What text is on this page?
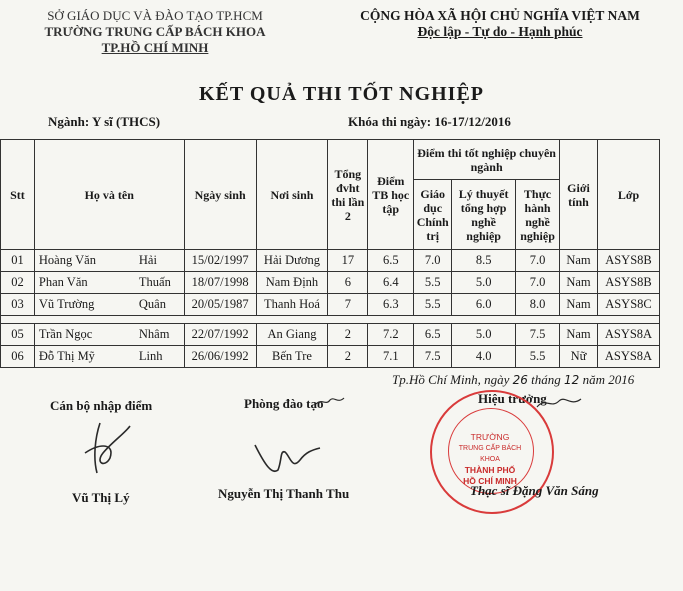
SỞ GIÁO DỤC VÀ ĐÀO TẠO TP.HCM
TRƯỜNG TRUNG CẤP BÁCH KHOA
TP.HỒ CHÍ MINH
CỘNG HÒA XÃ HỘI CHỦ NGHĨA VIỆT NAM
Độc lập - Tự do - Hạnh phúc
KẾT QUẢ THI TỐT NGHIỆP
Ngành: Y sĩ (THCS)	Khóa thi ngày: 16-17/12/2016
Stt	Họ và tên	Ngày sinh	Nơi sinh	Tổng đvht thi lần 2	Điểm TB học tập	Điểm thi tốt nghiệp chuyên ngành			Giới tính	Lớp
						Giáo dục Chính trị	Lý thuyết tổng hợp nghề nghiệp	Thực hành nghề nghiệp		
01	Hoàng Văn Hải	15/02/1997	Hải Dương	17	6.5	7.0	8.5	7.0	Nam	ASYS8B
02	Phan Văn Thuấn	18/07/1998	Nam Định	6	6.4	5.5	5.0	7.0	Nam	ASYS8B
03	Vũ Trường Quân	20/05/1987	Thanh Hoá	7	6.3	5.5	6.0	8.0	Nam	ASYS8C

05	Trần Ngọc Nhâm	22/07/1992	An Giang	2	7.2	6.5	5.0	7.5	Nam	ASYS8A
06	Đỗ Thị Mỹ Linh	26/06/1992	Bến Tre	2	7.1	7.5	4.0	5.5	Nữ	ASYS8A
Tp.Hồ Chí Minh, ngày 26 tháng 12 năm 2016
Cán bộ nhập điểm	Phòng đào tạo	Hiệu trưởng
TRƯỜNG
TRUNG CẤP BÁCH KHOA
THÀNH PHỐ
HỒ CHÍ MINH
Vũ Thị Lý	Nguyễn Thị Thanh Thu	Thạc sĩ Đặng Văn Sáng
